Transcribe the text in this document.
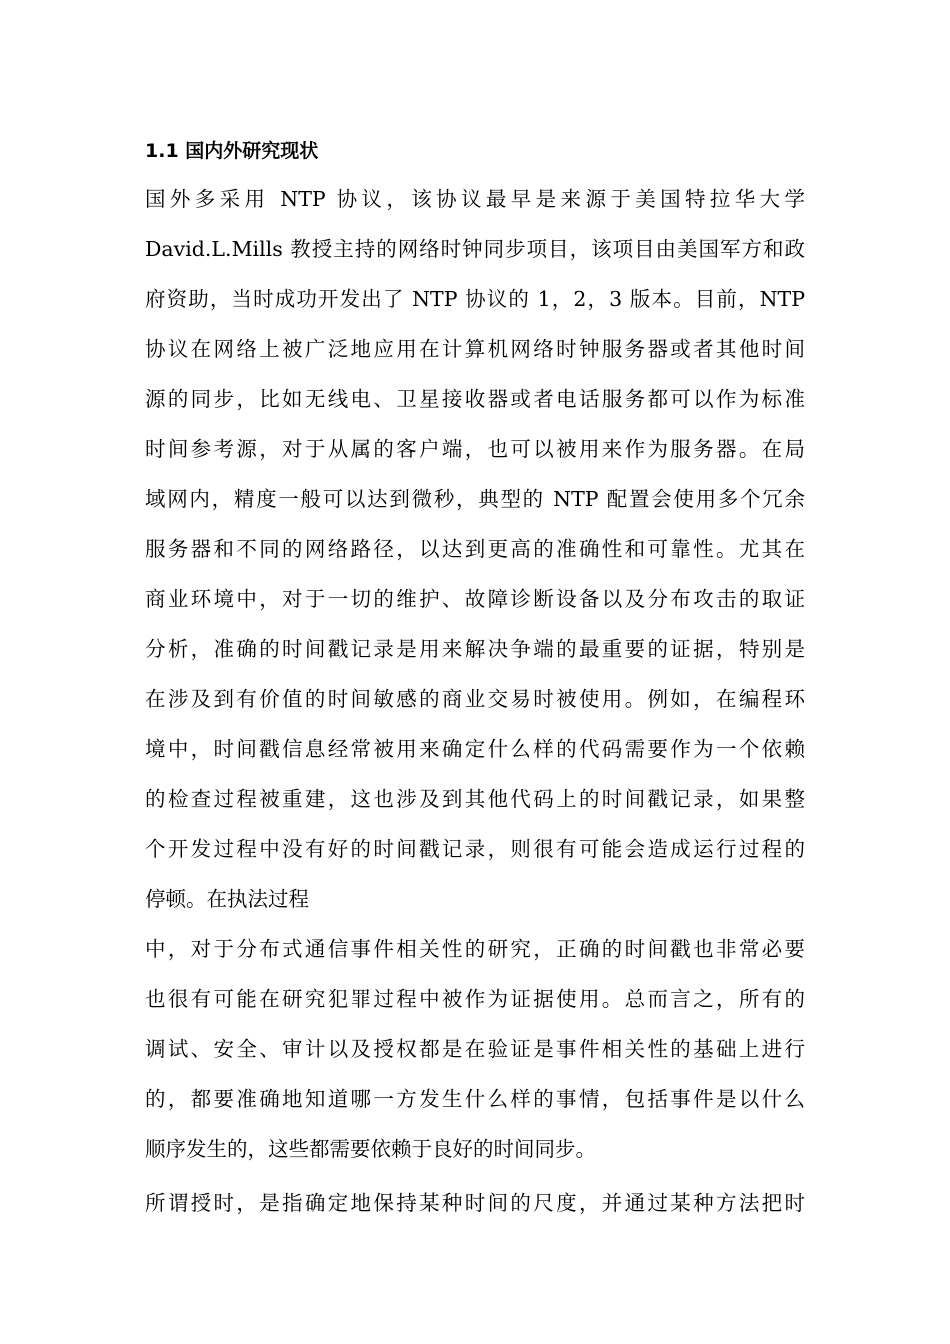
1.1 国内外研究现状
国外多采用 NTP 协议，该协议最早是来源于美国特拉华大学
David.L.Mills 教授主持的网络时钟同步项目，该项目由美国军方和政
府资助，当时成功开发出了 NTP 协议的 1，2，3 版本。目前，NTP
协议在网络上被广泛地应用在计算机网络时钟服务器或者其他时间
源的同步，比如无线电、卫星接收器或者电话服务都可以作为标准
时间参考源，对于从属的客户端，也可以被用来作为服务器。在局
域网内，精度一般可以达到微秒，典型的 NTP 配置会使用多个冗余
服务器和不同的网络路径，以达到更高的准确性和可靠性。尤其在
商业环境中，对于一切的维护、故障诊断设备以及分布攻击的取证
分析，准确的时间戳记录是用来解决争端的最重要的证据，特别是
在涉及到有价值的时间敏感的商业交易时被使用。例如，在编程环
境中，时间戳信息经常被用来确定什么样的代码需要作为一个依赖
的检查过程被重建，这也涉及到其他代码上的时间戳记录，如果整
个开发过程中没有好的时间戳记录，则很有可能会造成运行过程的
停顿。在执法过程
中，对于分布式通信事件相关性的研究，正确的时间戳也非常必要
也很有可能在研究犯罪过程中被作为证据使用。总而言之，所有的
调试、安全、审计以及授权都是在验证是事件相关性的基础上进行
的，都要准确地知道哪一方发生什么样的事情，包括事件是以什么
顺序发生的，这些都需要依赖于良好的时间同步。
所谓授时，是指确定地保持某种时间的尺度，并通过某种方法把时
